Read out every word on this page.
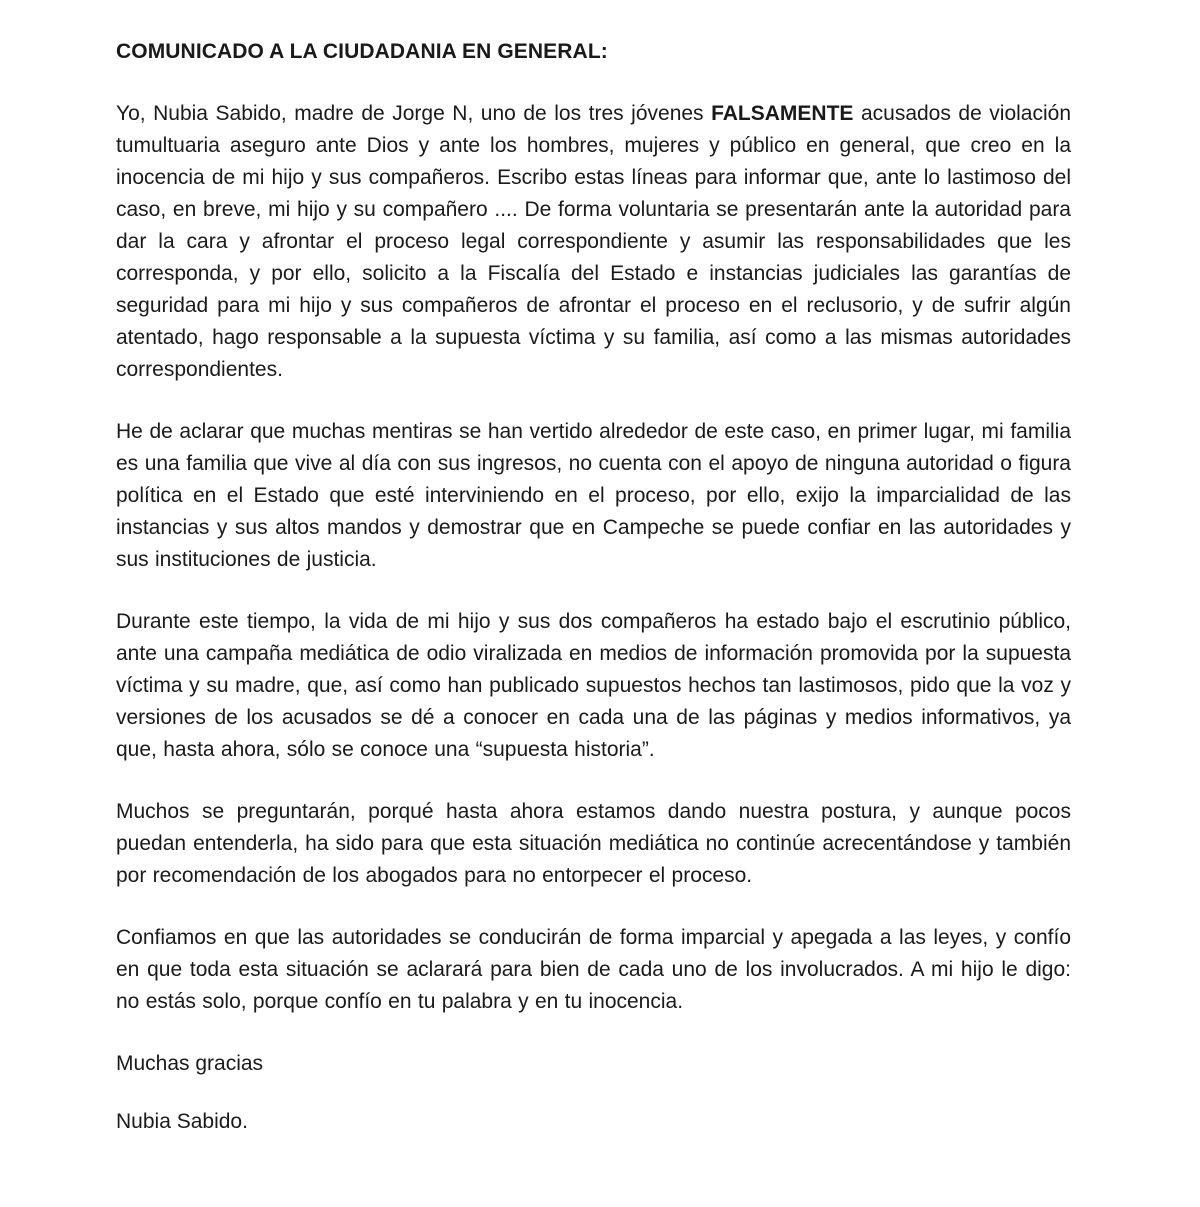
COMUNICADO A LA CIUDADANIA EN GENERAL:

Yo, Nubia Sabido, madre de Jorge N, uno de los tres jóvenes FALSAMENTE acusados de violación tumultuaria aseguro ante Dios y ante los hombres, mujeres y público en general, que creo en la inocencia de mi hijo y sus compañeros. Escribo estas líneas para informar que, ante lo lastimoso del caso, en breve, mi hijo y su compañero .... De forma voluntaria se presentarán ante la autoridad para dar la cara y afrontar el proceso legal correspondiente y asumir las responsabilidades que les corresponda, y por ello, solicito a la Fiscalía del Estado e instancias judiciales las garantías de seguridad para mi hijo y sus compañeros de afrontar el proceso en el reclusorio, y de sufrir algún atentado, hago responsable a la supuesta víctima y su familia, así como a las mismas autoridades correspondientes.

He de aclarar que muchas mentiras se han vertido alrededor de este caso, en primer lugar, mi familia es una familia que vive al día con sus ingresos, no cuenta con el apoyo de ninguna autoridad o figura política en el Estado que esté interviniendo en el proceso, por ello, exijo la imparcialidad de las instancias y sus altos mandos y demostrar que en Campeche se puede confiar en las autoridades y sus instituciones de justicia.

Durante este tiempo, la vida de mi hijo y sus dos compañeros ha estado bajo el escrutinio público, ante una campaña mediática de odio viralizada en medios de información promovida por la supuesta víctima y su madre, que, así como han publicado supuestos hechos tan lastimosos, pido que la voz y versiones de los acusados se dé a conocer en cada una de las páginas y medios informativos, ya que, hasta ahora, sólo se conoce una “supuesta historia”.

Muchos se preguntarán, porqué hasta ahora estamos dando nuestra postura, y aunque pocos puedan entenderla, ha sido para que esta situación mediática no continúe acrecentándose y también por recomendación de los abogados para no entorpecer el proceso.

Confiamos en que las autoridades se conducirán de forma imparcial y apegada a las leyes, y confío en que toda esta situación se aclarará para bien de cada uno de los involucrados. A mi hijo le digo: no estás solo, porque confío en tu palabra y en tu inocencia.

Muchas gracias

Nubia Sabido.
